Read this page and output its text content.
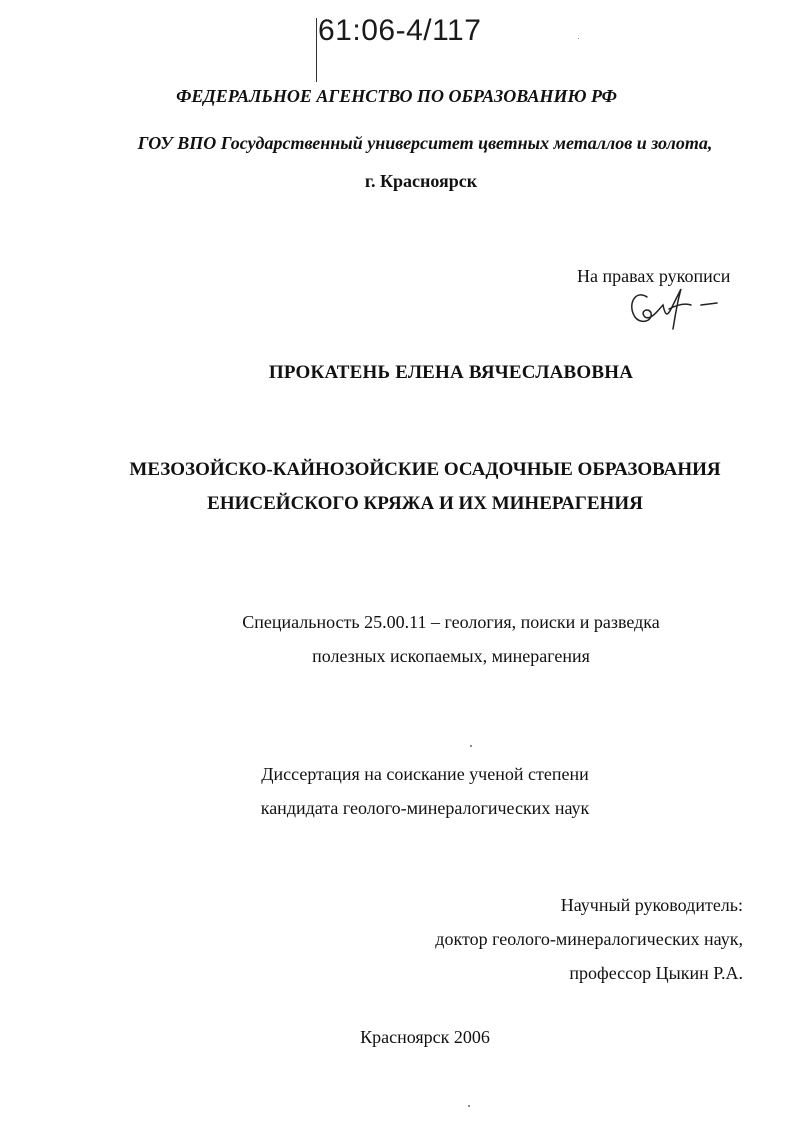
61:06-4/117
ФЕДЕРАЛЬНОЕ АГЕНСТВО ПО ОБРАЗОВАНИЮ РФ
ГОУ ВПО Государственный университет цветных металлов и золота,
г. Красноярск
На правах рукописи
ПРОКАТЕНЬ ЕЛЕНА ВЯЧЕСЛАВОВНА
МЕЗОЗОЙСКО-КАЙНОЗОЙСКИЕ ОСАДОЧНЫЕ ОБРАЗОВАНИЯ
ЕНИСЕЙСКОГО КРЯЖА И ИХ МИНЕРАГЕНИЯ
Специальность 25.00.11 – геология, поиски и разведка
полезных ископаемых, минерагения
Диссертация на соискание ученой степени
кандидата геолого-минералогических наук
Научный руководитель:
доктор геолого-минералогических наук,
профессор Цыкин Р.А.
Красноярск 2006
